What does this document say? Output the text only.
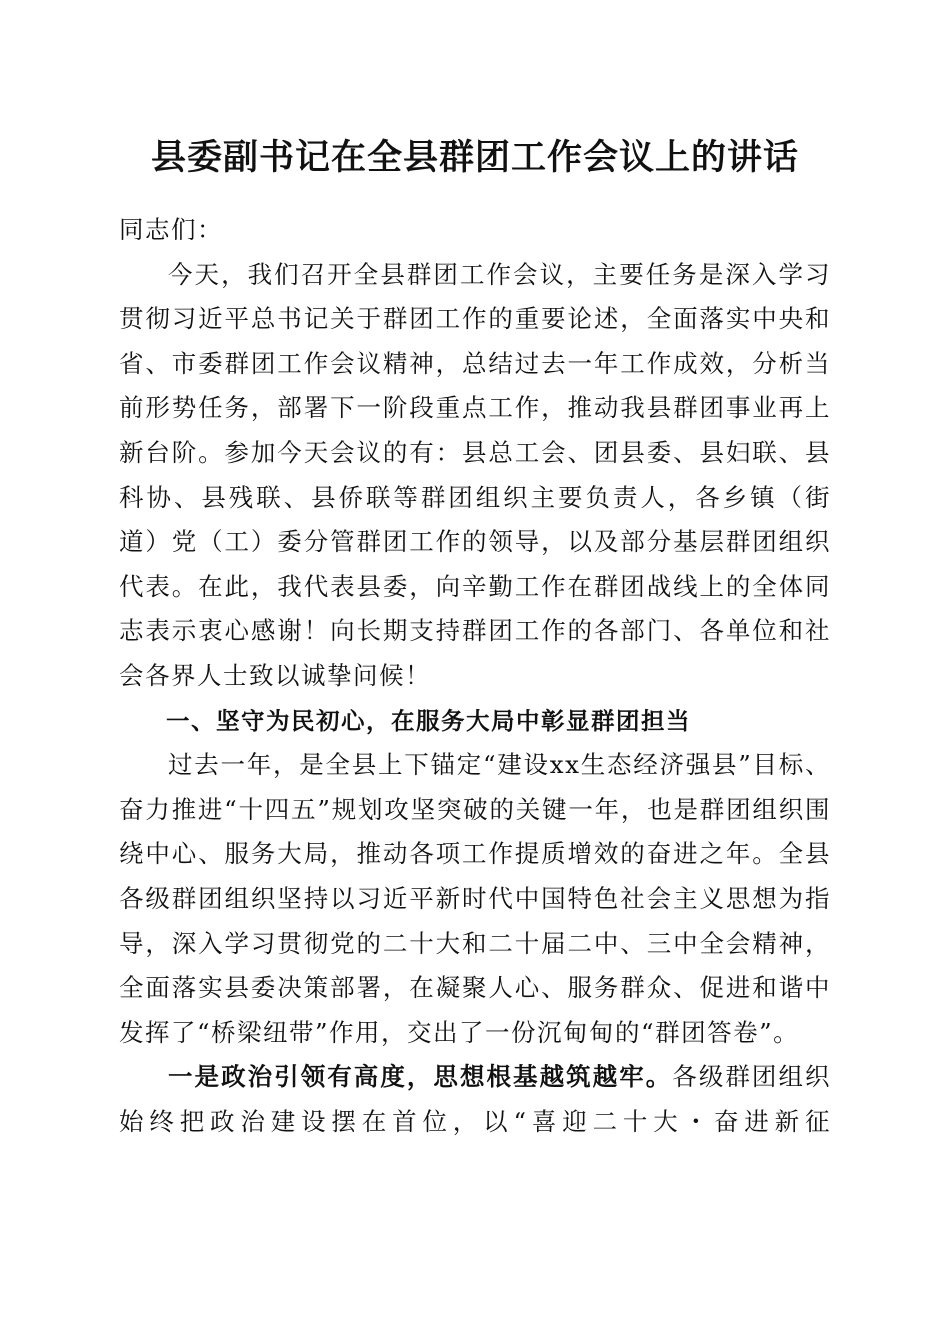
县委副书记在全县群团工作会议上的讲话

同志们：

今天，我们召开全县群团工作会议，主要任务是深入学习贯彻习近平总书记关于群团工作的重要论述，全面落实中央和省、市委群团工作会议精神，总结过去一年工作成效，分析当前形势任务，部署下一阶段重点工作，推动我县群团事业再上新台阶。参加今天会议的有：县总工会、团县委、县妇联、县科协、县残联、县侨联等群团组织主要负责人，各乡镇（街道）党（工）委分管群团工作的领导，以及部分基层群团组织代表。在此，我代表县委，向辛勤工作在群团战线上的全体同志表示衷心感谢！向长期支持群团工作的各部门、各单位和社会各界人士致以诚挚问候！

一、坚守为民初心，在服务大局中彰显群团担当

过去一年，是全县上下锚定“建设xx生态经济强县”目标、奋力推进“十四五”规划攻坚突破的关键一年，也是群团组织围绕中心、服务大局，推动各项工作提质增效的奋进之年。全县各级群团组织坚持以习近平新时代中国特色社会主义思想为指导，深入学习贯彻党的二十大和二十届二中、三中全会精神，全面落实县委决策部署，在凝聚人心、服务群众、促进和谐中发挥了“桥梁纽带”作用，交出了一份沉甸甸的“群团答卷”。

一是政治引领有高度，思想根基越筑越牢。各级群团组织始终把政治建设摆在首位，以“喜迎二十大・奋进新征
